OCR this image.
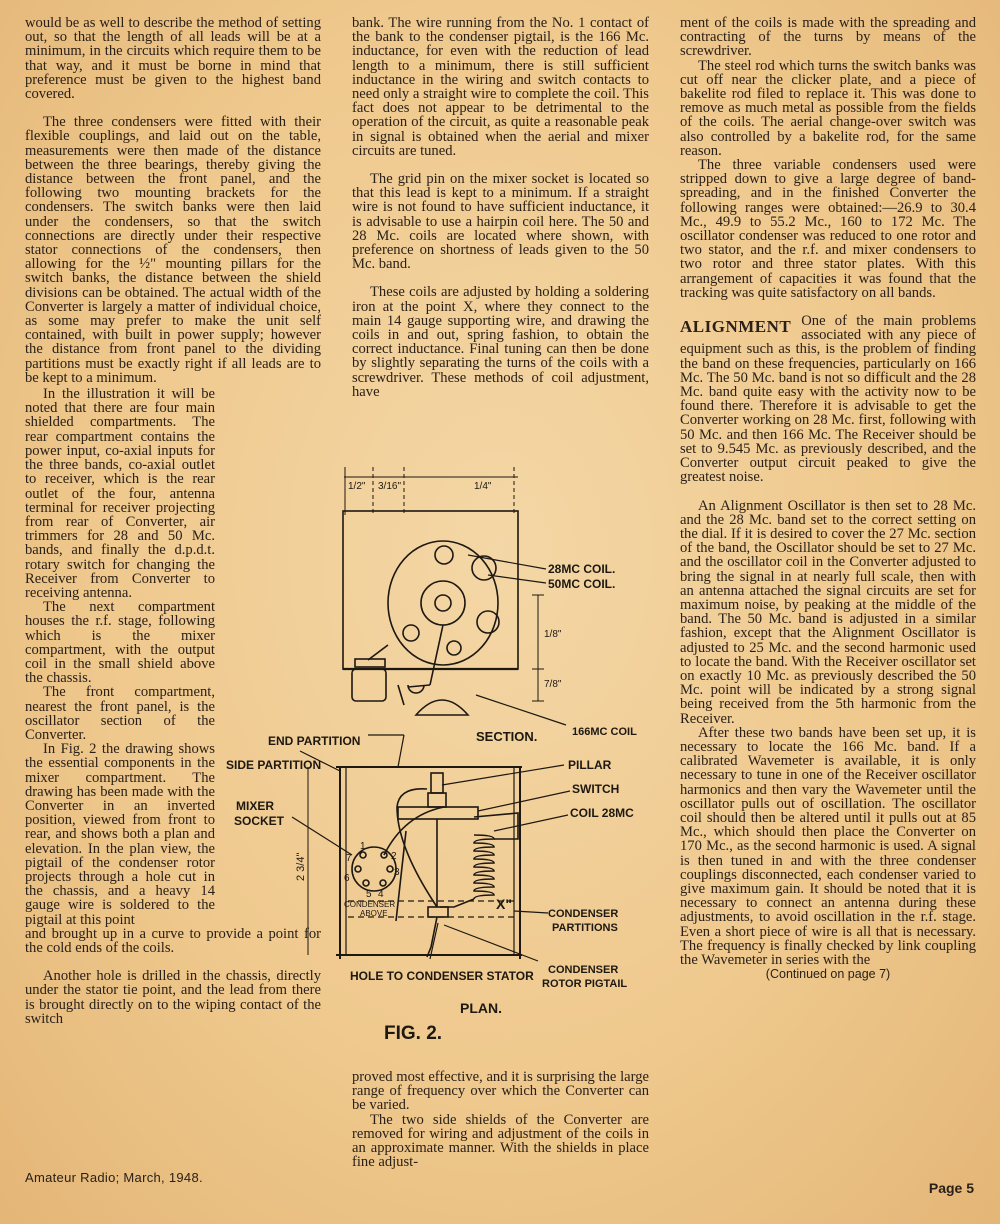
would be as well to describe the method of setting out, so that the length of all leads will be at a minimum, in the circuits which require them to be that way, and it must be borne in mind that preference must be given to the highest band covered.

The three condensers were fitted with their flexible couplings, and laid out on the table, measurements were then made of the distance between the three bearings, thereby giving the distance between the front panel, and the following two mounting brackets for the condensers. The switch banks were then laid under the condensers, so that the switch connections are directly under their respective stator connections of the condensers, then allowing for the ½" mounting pillars for the switch banks, the distance between the shield divisions can be obtained. The actual width of the Converter is largely a matter of individual choice, as some may prefer to make the unit self contained, with built in power supply; however the distance from front panel to the dividing partitions must be exactly right if all leads are to be kept to a minimum.

In the illustration it will be noted that there are four main shielded compartments. The rear compartment contains the power input, co-axial inputs for the three bands, co-axial outlet to receiver, which is the rear outlet of the four, antenna terminal for receiver projecting from rear of Converter, air trimmers for 28 and 50 Mc. bands, and finally the d.p.d.t. rotary switch for changing the Receiver from Converter to receiving antenna.

The next compartment houses the r.f. stage, following which is the mixer compartment, with the output coil in the small shield above the chassis.

The front compartment, nearest the front panel, is the oscillator section of the Converter.

In Fig. 2 the drawing shows the essential components in the mixer compartment. The drawing has been made with the Converter in an inverted position, viewed from front to rear, and shows both a plan and elevation. In the plan view, the pigtail of the condenser rotor projects through a hole cut in the chassis, and a heavy 14 gauge wire is soldered to the pigtail at this point

and brought up in a curve to provide a point for the cold ends of the coils.

Another hole is drilled in the chassis, directly under the stator tie point, and the lead from there is brought directly on to the wiping contact of the switch

bank. The wire running from the No. 1 contact of the bank to the condenser pigtail, is the 166 Mc. inductance, for even with the reduction of lead length to a minimum, there is still sufficient inductance in the wiring and switch contacts to need only a straight wire to complete the coil. This fact does not appear to be detrimental to the operation of the circuit, as quite a reasonable peak in signal is obtained when the aerial and mixer circuits are tuned.

The grid pin on the mixer socket is located so that this lead is kept to a minimum. If a straight wire is not found to have sufficient inductance, it is advisable to use a hairpin coil here. The 50 and 28 Mc. coils are located where shown, with preference on shortness of leads given to the 50 Mc. band.

These coils are adjusted by holding a soldering iron at the point X, where they connect to the main 14 gauge supporting wire, and drawing the coils in and out, spring fashion, to obtain the correct inductance. Final tuning can then be done by slightly separating the turns of the coils with a screwdriver. These methods of coil adjustment, have

proved most effective, and it is surprising the large range of frequency over which the Converter can be varied.

The two side shields of the Converter are removed for wiring and adjustment of the coils in an approximate manner. With the shields in place fine adjust-

ment of the coils is made with the spreading and contracting of the turns by means of the screwdriver.

The steel rod which turns the switch banks was cut off near the clicker plate, and a piece of bakelite rod filed to replace it. This was done to remove as much metal as possible from the fields of the coils. The aerial change-over switch was also controlled by a bakelite rod, for the same reason.

The three variable condensers used were stripped down to give a large degree of band-spreading, and in the finished Converter the following ranges were obtained:—26.9 to 30.4 Mc., 49.9 to 55.2 Mc., 160 to 172 Mc. The oscillator condenser was reduced to one rotor and two stator, and the r.f. and mixer condensers to two rotor and three stator plates. With this arrangement of capacities it was found that the tracking was quite satisfactory on all bands.

ALIGNMENT One of the main problems associated with any piece of equipment such as this, is the problem of finding the band on these frequencies, particularly on 166 Mc. The 50 Mc. band is not so difficult and the 28 Mc. band quite easy with the activity now to be found there. Therefore it is advisable to get the Converter working on 28 Mc. first, following with 50 Mc. and then 166 Mc. The Receiver should be set to 9.545 Mc. as previously described, and the Converter output circuit peaked to give the greatest noise.

An Alignment Oscillator is then set to 28 Mc. and the 28 Mc. band set to the correct setting on the dial. If it is desired to cover the 27 Mc. section of the band, the Oscillator should be set to 27 Mc. and the oscillator coil in the Converter adjusted to bring the signal in at nearly full scale, then with an antenna attached the signal circuits are set for maximum noise, by peaking at the middle of the band. The 50 Mc. band is adjusted in a similar fashion, except that the Alignment Oscillator is adjusted to 25 Mc. and the second harmonic used to locate the band. With the Receiver oscillator set on exactly 10 Mc. as previously described the 50 Mc. point will be indicated by a strong signal being received from the 5th harmonic from the Receiver.

After these two bands have been set up, it is necessary to locate the 166 Mc. band. If a calibrated Wavemeter is available, it is only necessary to tune in one of the Receiver oscillator harmonics and then vary the Wavemeter until the oscillator pulls out of oscillation. The oscillator coil should then be altered until it pulls out at 85 Mc., which should then place the Converter on 170 Mc., as the second harmonic is used. A signal is then tuned in and with the three condenser couplings disconnected, each condenser varied to give maximum gain. It should be noted that it is necessary to connect an antenna during these adjustments, to avoid oscillation in the r.f. stage. Even a short piece of wire is all that is necessary. The frequency is finally checked by link coupling the Wavemeter in series with the

(Continued on page 7)

1/2" 3/16"	1/4"
1/8"
7/8"
28MC COIL.
50MC COIL.
166MC COIL
SECTION.
END PARTITION
SIDE PARTITION
MIXER
SOCKET
PILLAR
SWITCH
COIL 28MC
X"
2 3/4"
CONDENSER
ABOVE	CONDENSER
PARTITIONS
HOLE TO CONDENSER STATOR CONDENSER
ROTOR PIGTAIL
PLAN.
FIG. 2.
1
2
3
4
5
6
7
Amateur Radio; March, 1948.
Page 5
